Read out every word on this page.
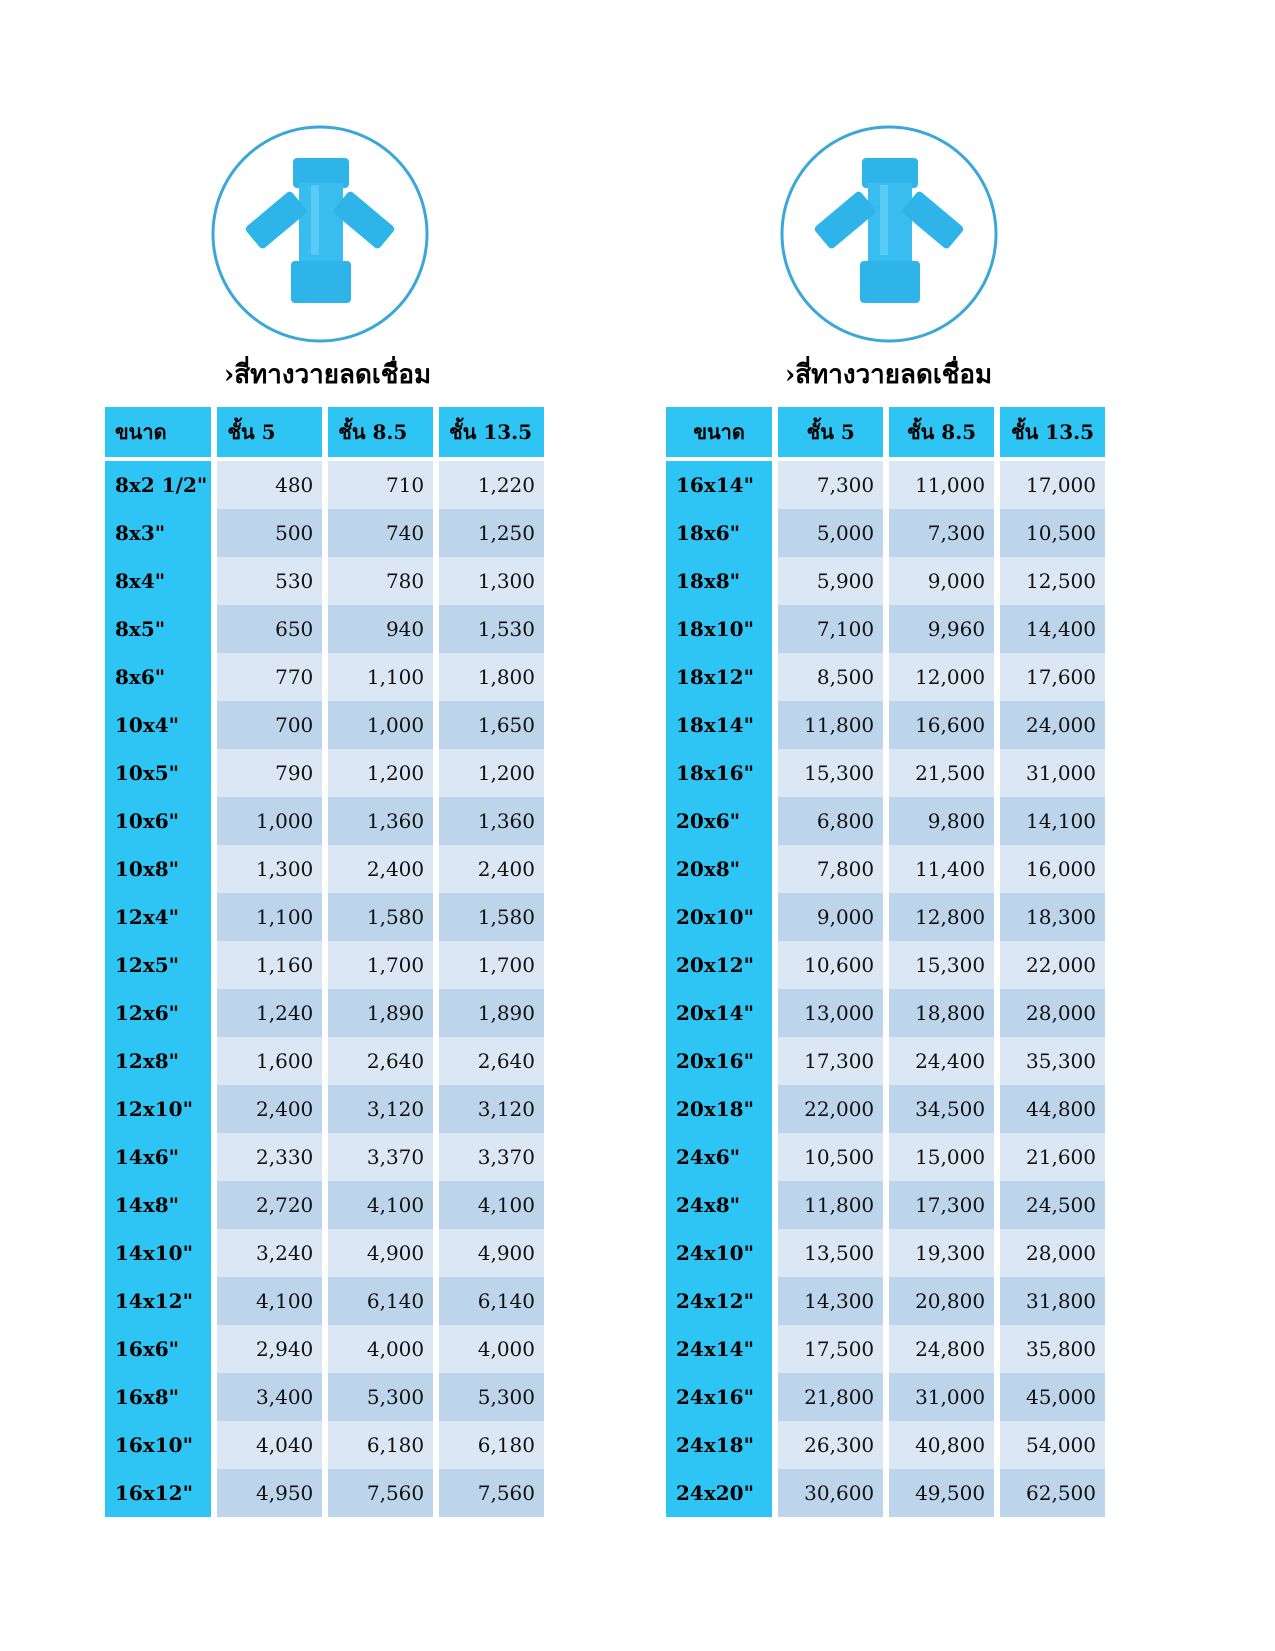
›สี่ทางวายลดเชื่อม
ขนาด	ชั้น 5	ชั้น 8.5	ชั้น 13.5
8x2 1/2"	480	710	1,220
8x3"	500	740	1,250
8x4"	530	780	1,300
8x5"	650	940	1,530
8x6"	770	1,100	1,800
10x4"	700	1,000	1,650
10x5"	790	1,200	1,200
10x6"	1,000	1,360	1,360
10x8"	1,300	2,400	2,400
12x4"	1,100	1,580	1,580
12x5"	1,160	1,700	1,700
12x6"	1,240	1,890	1,890
12x8"	1,600	2,640	2,640
12x10"	2,400	3,120	3,120
14x6"	2,330	3,370	3,370
14x8"	2,720	4,100	4,100
14x10"	3,240	4,900	4,900
14x12"	4,100	6,140	6,140
16x6"	2,940	4,000	4,000
16x8"	3,400	5,300	5,300
16x10"	4,040	6,180	6,180
16x12"	4,950	7,560	7,560
›สี่ทางวายลดเชื่อม
ขนาด	ชั้น 5	ชั้น 8.5	ชั้น 13.5
16x14"	7,300	11,000	17,000
18x6"	5,000	7,300	10,500
18x8"	5,900	9,000	12,500
18x10"	7,100	9,960	14,400
18x12"	8,500	12,000	17,600
18x14"	11,800	16,600	24,000
18x16"	15,300	21,500	31,000
20x6"	6,800	9,800	14,100
20x8"	7,800	11,400	16,000
20x10"	9,000	12,800	18,300
20x12"	10,600	15,300	22,000
20x14"	13,000	18,800	28,000
20x16"	17,300	24,400	35,300
20x18"	22,000	34,500	44,800
24x6"	10,500	15,000	21,600
24x8"	11,800	17,300	24,500
24x10"	13,500	19,300	28,000
24x12"	14,300	20,800	31,800
24x14"	17,500	24,800	35,800
24x16"	21,800	31,000	45,000
24x18"	26,300	40,800	54,000
24x20"	30,600	49,500	62,500
